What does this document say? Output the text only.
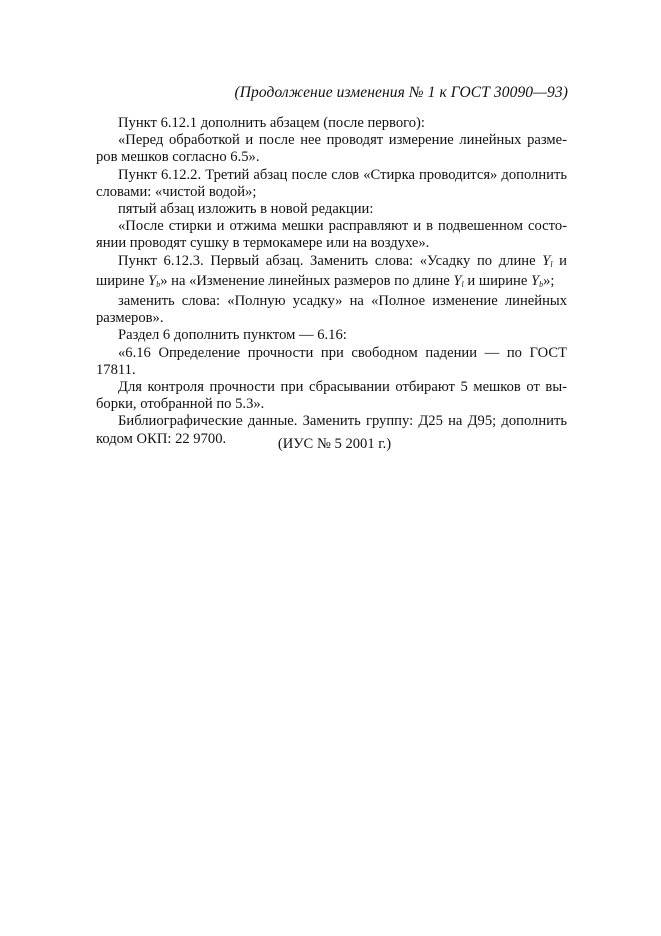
(Продолжение изменения № 1 к ГОСТ 30090—93)
Пункт 6.12.1 дополнить абзацем (после первого):
«Перед обработкой и после нее проводят измерение линейных разме-
ров мешков согласно 6.5».
Пункт 6.12.2. Третий абзац после слов «Стирка проводится» дополнить
словами: «чистой водой»;
пятый абзац изложить в новой редакции:
«После стирки и отжима мешки расправляют и в подвешенном состо-
янии проводят сушку в термокамере или на воздухе».
Пункт 6.12.3. Первый абзац. Заменить слова: «Усадку по длине $Y_l$ и
ширине $Y_b$» на «Изменение линейных размеров по длине $Y_l$ и ширине $Y_b$»;
заменить слова: «Полную усадку» на «Полное изменение линейных
размеров».
Раздел 6 дополнить пунктом — 6.16:
«6.16 Определение прочности при свободном падении — по ГОСТ
17811.
Для контроля прочности при сбрасывании отбирают 5 мешков от вы-
борки, отобранной по 5.3».
Библиографические данные. Заменить группу: Д25 на Д95; дополнить
кодом ОКП: 22 9700.	(ИУС № 5 2001 г.)
